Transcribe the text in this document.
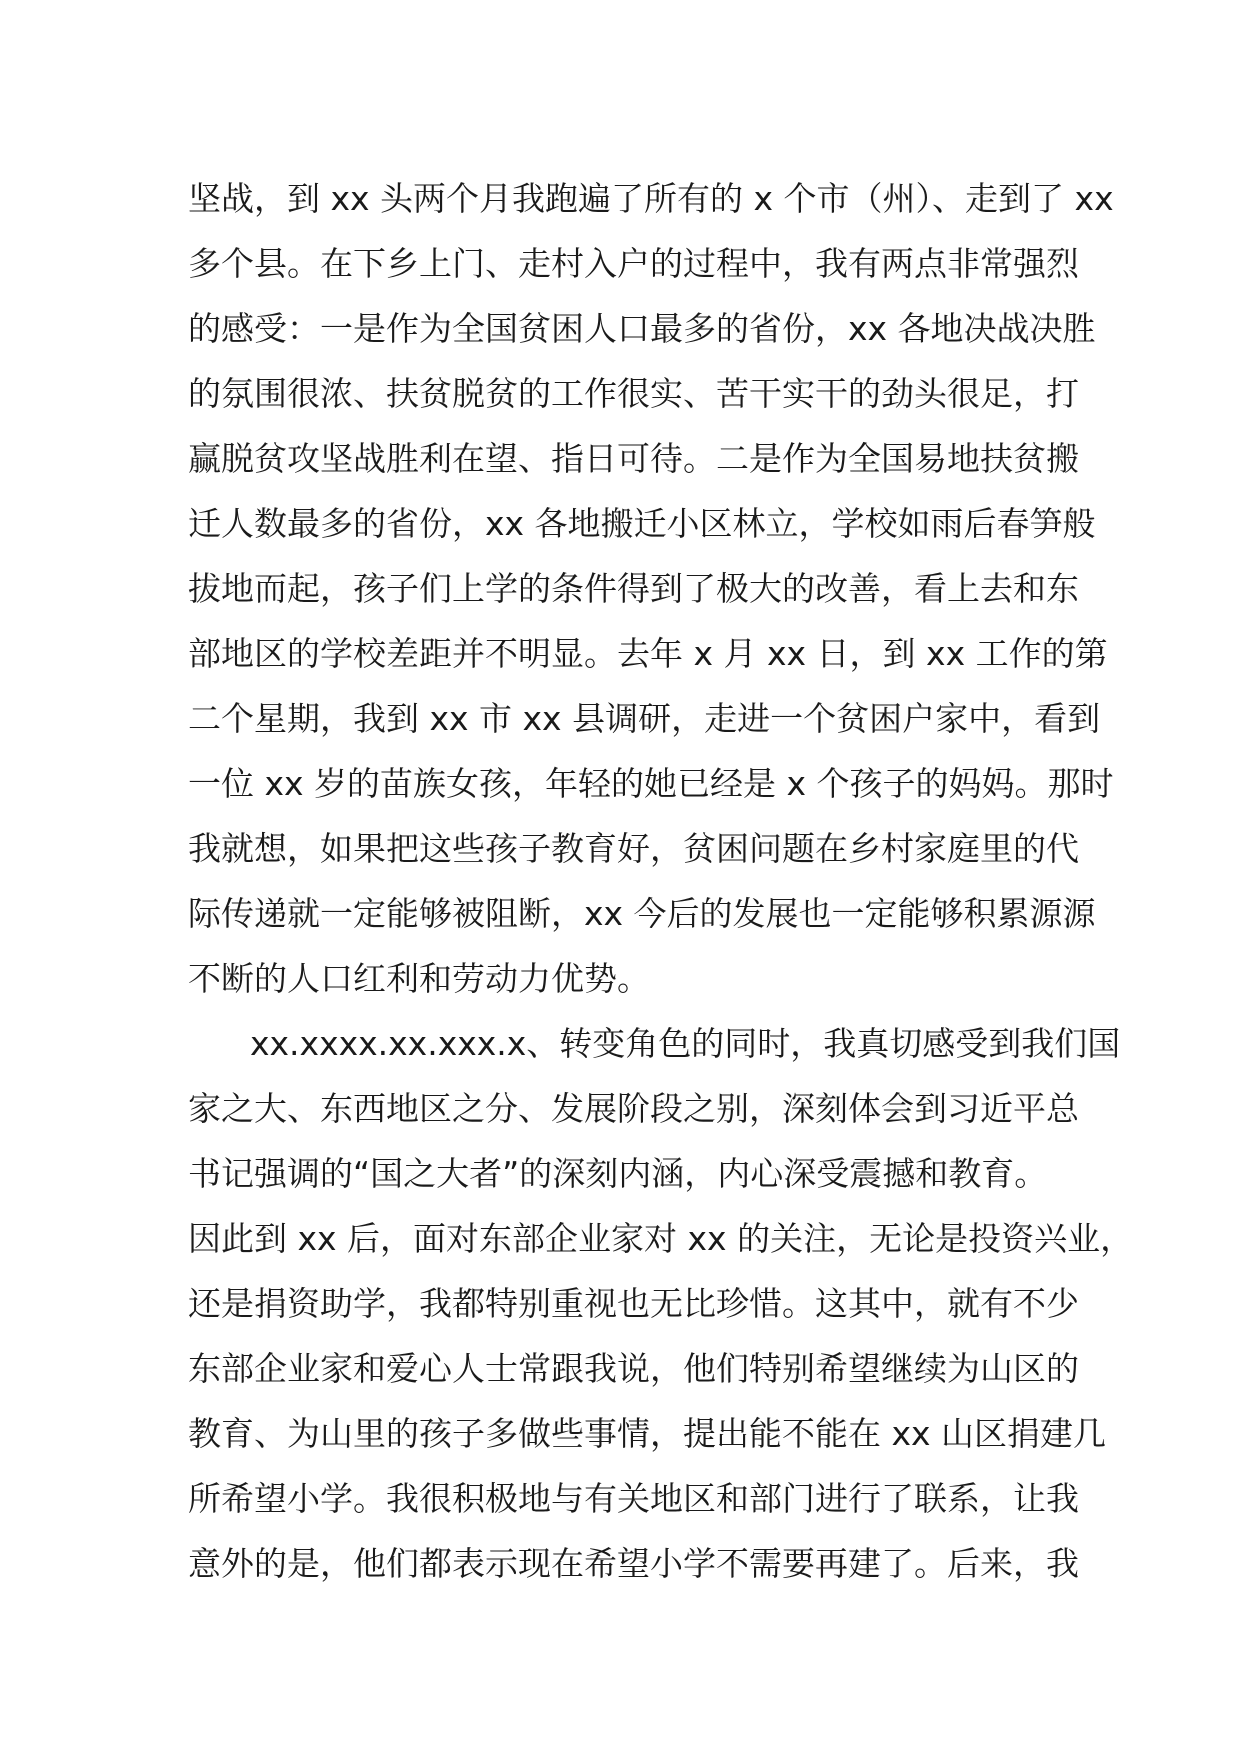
坚战，到 xx 头两个月我跑遍了所有的 x 个市（州）、走到了 xx
多个县。在下乡上门、走村入户的过程中，我有两点非常强烈
的感受：一是作为全国贫困人口最多的省份，xx 各地决战决胜
的氛围很浓、扶贫脱贫的工作很实、苦干实干的劲头很足，打
赢脱贫攻坚战胜利在望、指日可待。二是作为全国易地扶贫搬
迁人数最多的省份，xx 各地搬迁小区林立，学校如雨后春笋般
拔地而起，孩子们上学的条件得到了极大的改善，看上去和东
部地区的学校差距并不明显。去年 x 月 xx 日，到 xx 工作的第
二个星期，我到 xx 市 xx 县调研，走进一个贫困户家中，看到
一位 xx 岁的苗族女孩，年轻的她已经是 x 个孩子的妈妈。那时
我就想，如果把这些孩子教育好，贫困问题在乡村家庭里的代
际传递就一定能够被阻断，xx 今后的发展也一定能够积累源源
不断的人口红利和劳动力优势。
xx.xxxx.xx.xxx.x、转变角色的同时，我真切感受到我们国
家之大、东西地区之分、发展阶段之别，深刻体会到习近平总
书记强调的“国之大者”的深刻内涵，内心深受震撼和教育。
因此到 xx 后，面对东部企业家对 xx 的关注，无论是投资兴业，
还是捐资助学，我都特别重视也无比珍惜。这其中，就有不少
东部企业家和爱心人士常跟我说，他们特别希望继续为山区的
教育、为山里的孩子多做些事情，提出能不能在 xx 山区捐建几
所希望小学。我很积极地与有关地区和部门进行了联系，让我
意外的是，他们都表示现在希望小学不需要再建了。后来，我
